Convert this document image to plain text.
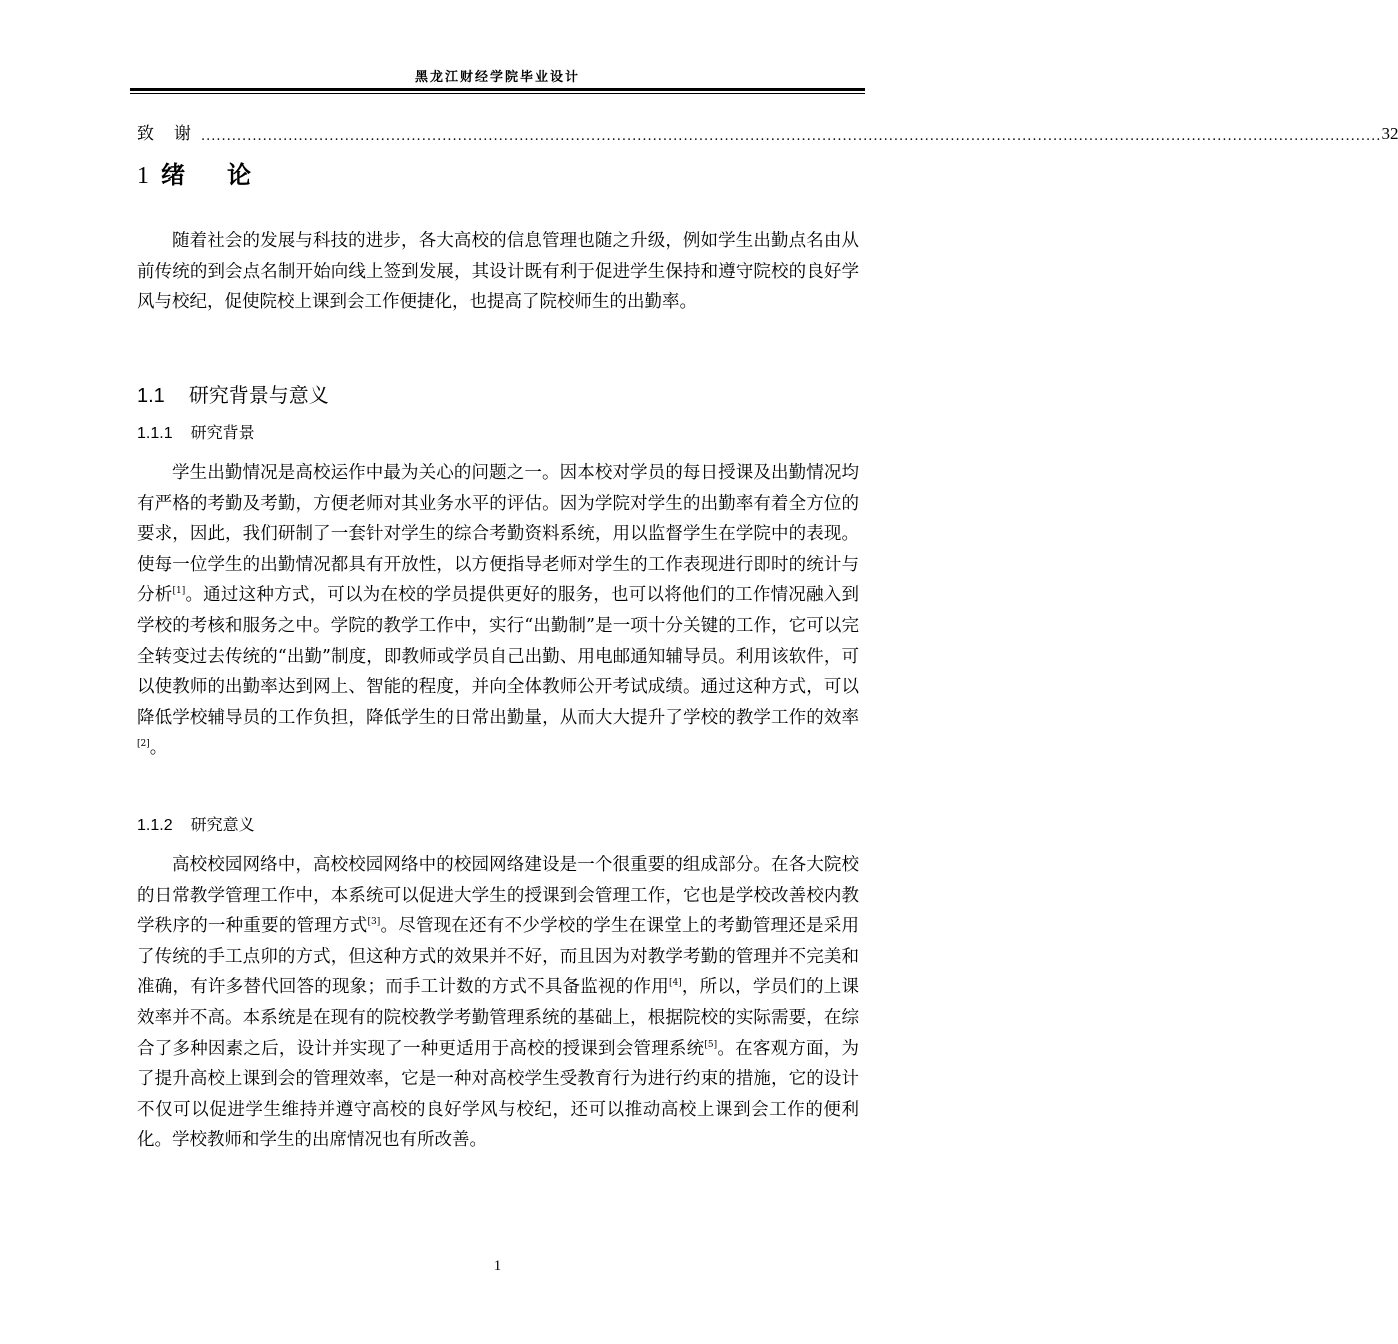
黑龙江财经学院毕业设计
致谢
...................................................................................................................................................................................................................................... 32
1 绪论

随着社会的发展与科技的进步，各大高校的信息管理也随之升级，例如学生出勤点名由从前传统的到会点名制开始向线上签到发展，其设计既有利于促进学生保持和遵守院校的良好学风与校纪，促使院校上课到会工作便捷化，也提高了院校师生的出勤率。

1.1 研究背景与意义
1.1.1 研究背景

学生出勤情况是高校运作中最为关心的问题之一。因本校对学员的每日授课及出勤情况均有严格的考勤及考勤，方便老师对其业务水平的评估。因为学院对学生的出勤率有着全方位的要求，因此，我们研制了一套针对学生的综合考勤资料系统，用以监督学生在学院中的表现。使每一位学生的出勤情况都具有开放性，以方便指导老师对学生的工作表现进行即时的统计与分析[1]。通过这种方式，可以为在校的学员提供更好的服务，也可以将他们的工作情况融入到学校的考核和服务之中。学院的教学工作中，实行“出勤制”是一项十分关键的工作，它可以完全转变过去传统的“出勤”制度，即教师或学员自己出勤、用电邮通知辅导员。利用该软件，可以使教师的出勤率达到网上、智能的程度，并向全体教师公开考试成绩。通过这种方式，可以降低学校辅导员的工作负担，降低学生的日常出勤量，从而大大提升了学校的教学工作的效率[2]。

1.1.2 研究意义

高校校园网络中，高校校园网络中的校园网络建设是一个很重要的组成部分。在各大院校的日常教学管理工作中，本系统可以促进大学生的授课到会管理工作，它也是学校改善校内教学秩序的一种重要的管理方式[3]。尽管现在还有不少学校的学生在课堂上的考勤管理还是采用了传统的手工点卯的方式，但这种方式的效果并不好，而且因为对教学考勤的管理并不完美和准确，有许多替代回答的现象；而手工计数的方式不具备监视的作用[4]，所以，学员们的上课效率并不高。本系统是在现有的院校教学考勤管理系统的基础上，根据院校的实际需要，在综合了多种因素之后，设计并实现了一种更适用于高校的授课到会管理系统[5]。在客观方面，为了提升高校上课到会的管理效率，它是一种对高校学生受教育行为进行约束的措施，它的设计不仅可以促进学生维持并遵守高校的良好学风与校纪，还可以推动高校上课到会工作的便利化。学校教师和学生的出席情况也有所改善。

1
